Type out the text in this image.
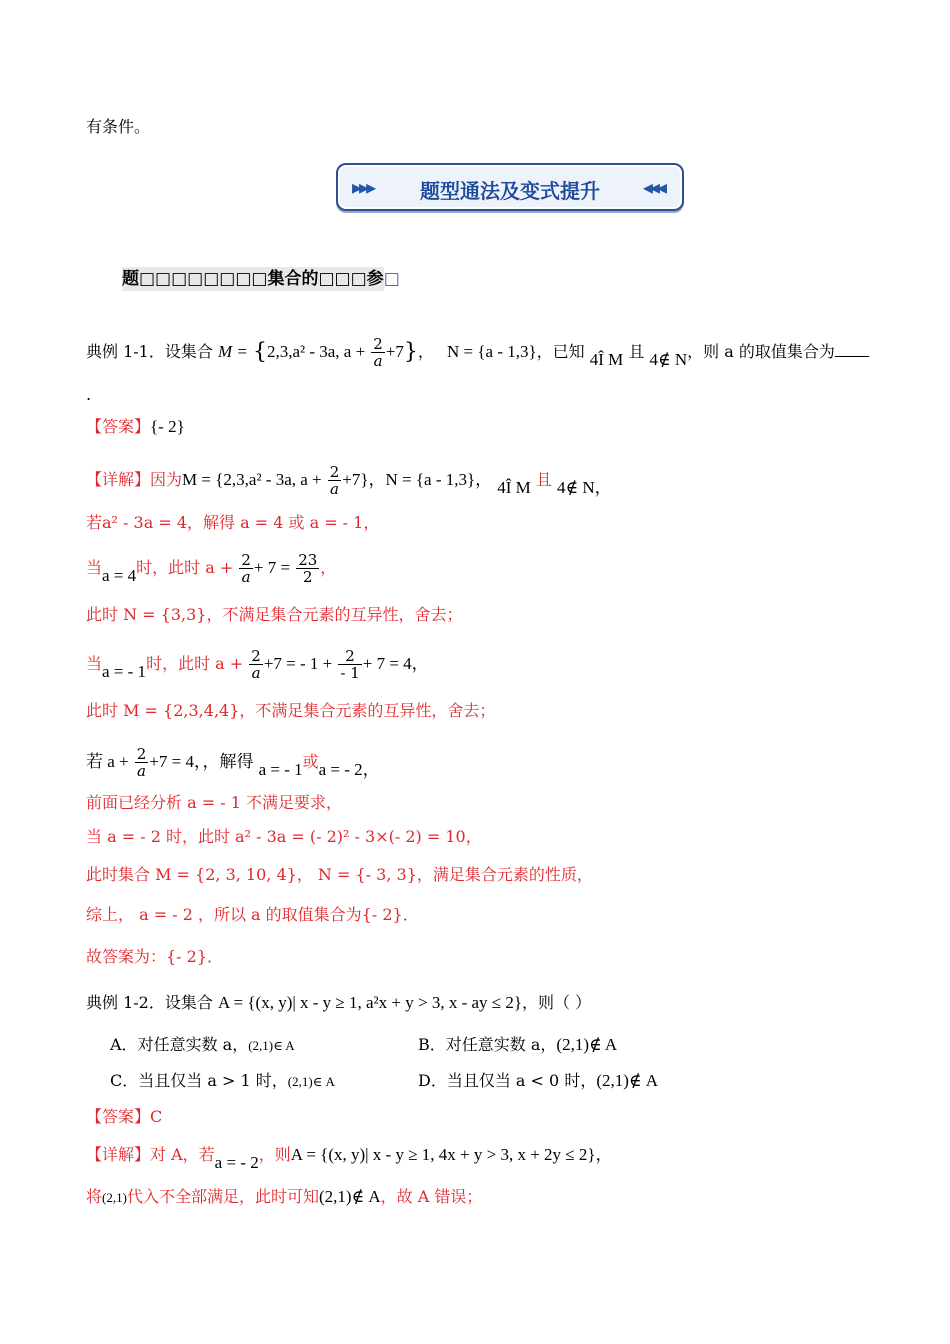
有条件。
▸▸▸	题型通法及变式提升	◂◂◂
题□□□□□□□□集合的□□□参□
典例 1-1．设集合 M = {2,3,a² - 3a, $a + \frac{2}{a} +7$}， N = {a - 1,3}，已知 4Î M 且 4∉ N，则 a 的取值集合为
.
【答案】{- 2}
【详解】因为M = {2,3,a² - 3a, $a + \frac{2}{a} +7$}，N = {a - 1,3}， 4Î M 且 4∉ N，
若a² - 3a = 4，解得 a = 4 或 a = - 1，
当a = 4时，此时 $a + \frac{2}{a} + 7 = \frac{23}{2}$ ，
此时 N = {3,3}，不满足集合元素的互异性，舍去；
当a = - 1时，此时 $a + \frac{2}{a} +7$ = - $1 + \frac{2}{- 1} + 7 = 4$，
此时 M = {2,3,4,4}，不满足集合元素的互异性，舍去；
若 $a + \frac{2}{a} +7 = 4$，，解得 a = - 1或a = - 2，
前面已经分析 a = - 1 不满足要求，
当 a = - 2 时，此时 a² - 3a = (- 2)² - 3×(- 2) = 10，
此时集合 M = {2, 3, 10, 4}， N = {- 3, 3}，满足集合元素的性质，
综上， a = - 2 ，所以 a 的取值集合为{- 2}．
故答案为：{- 2}．
典例 1-2．设集合 A = {(x, y)| x - y ≥ 1, a²x + y > 3, x - ay ≤ 2}，则（ ）
A．对任意实数 a，(2,1)∈ A	B．对任意实数 a，(2,1)∉ A
C．当且仅当 a > 1 时，(2,1)∈ A	D．当且仅当 a < 0 时，(2,1)∉ A
【答案】C
【详解】对 A，若a = - 2，则A = {(x, y)| x - y ≥ 1, 4x + y > 3, x + 2y ≤ 2}，
将(2,1)代入不全部满足，此时可知(2,1)∉ A，故 A 错误；
